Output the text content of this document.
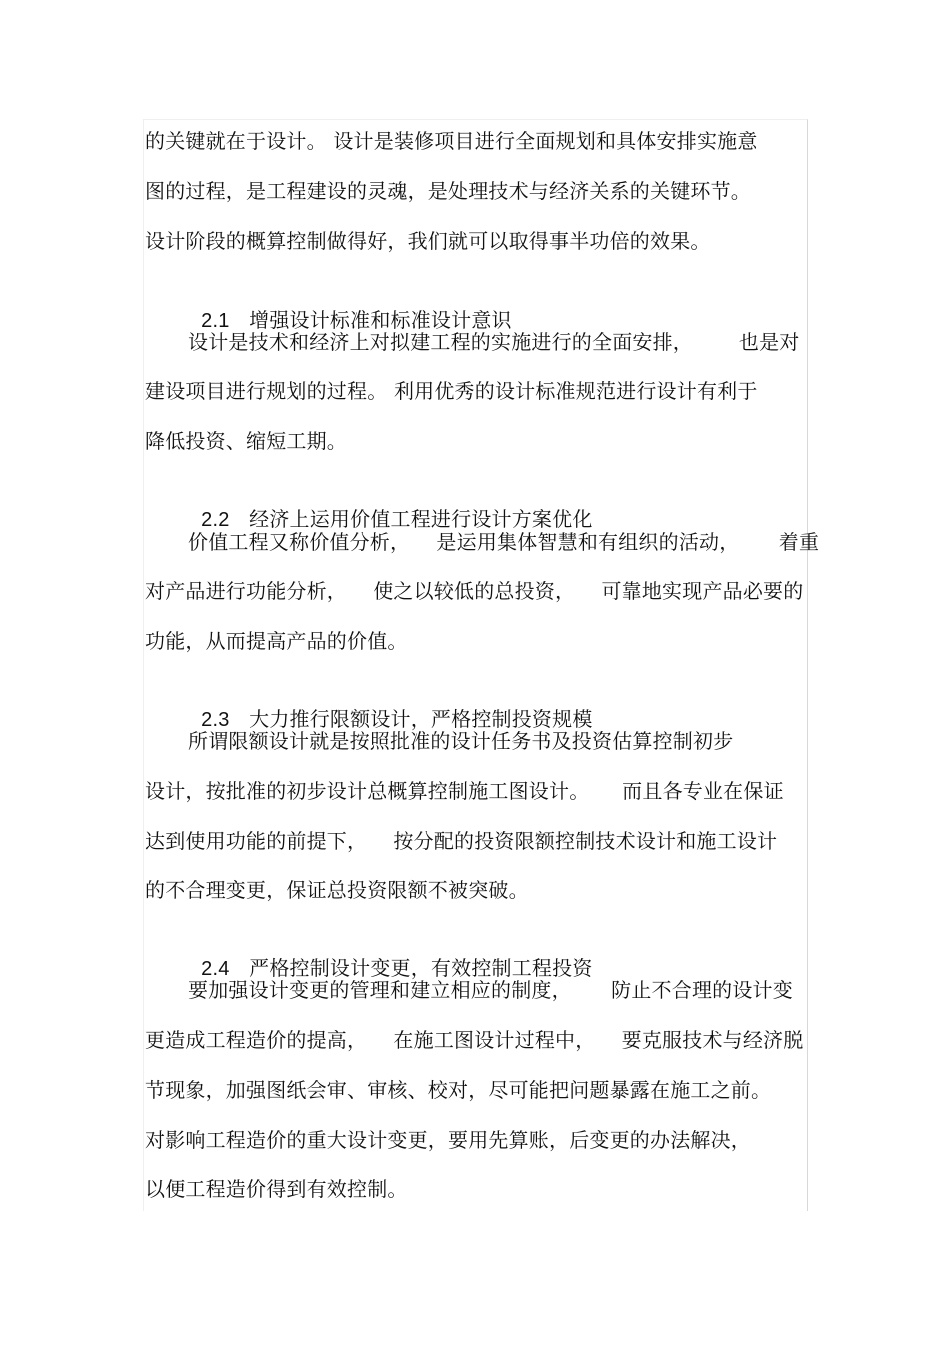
的关键就在于设计。 设计是装修项目进行全面规划和具体安排实施意
图的过程，是工程建设的灵魂，是处理技术与经济关系的关键环节。
设计阶段的概算控制做得好，我们就可以取得事半功倍的效果。

2.1 增强设计标准和标准设计意识

设计是技术和经济上对拟建工程的实施进行的全面安排，       也是对
建设项目进行规划的过程。 利用优秀的设计标准规范进行设计有利于
降低投资、缩短工期。

2.2 经济上运用价值工程进行设计方案优化

价值工程又称价值分析，    是运用集体智慧和有组织的活动，      着重
对产品进行功能分析，    使之以较低的总投资，    可靠地实现产品必要的
功能，从而提高产品的价值。

2.3 大力推行限额设计，严格控制投资规模

所谓限额设计就是按照批准的设计任务书及投资估算控制初步
设计，按批准的初步设计总概算控制施工图设计。     而且各专业在保证
达到使用功能的前提下，    按分配的投资限额控制技术设计和施工设计
的不合理变更，保证总投资限额不被突破。

2.4 严格控制设计变更，有效控制工程投资

要加强设计变更的管理和建立相应的制度，      防止不合理的设计变
更造成工程造价的提高，    在施工图设计过程中，    要克服技术与经济脱
节现象，加强图纸会审、审核、校对，尽可能把问题暴露在施工之前。
对影响工程造价的重大设计变更，要用先算账，后变更的办法解决，
以便工程造价得到有效控制。
